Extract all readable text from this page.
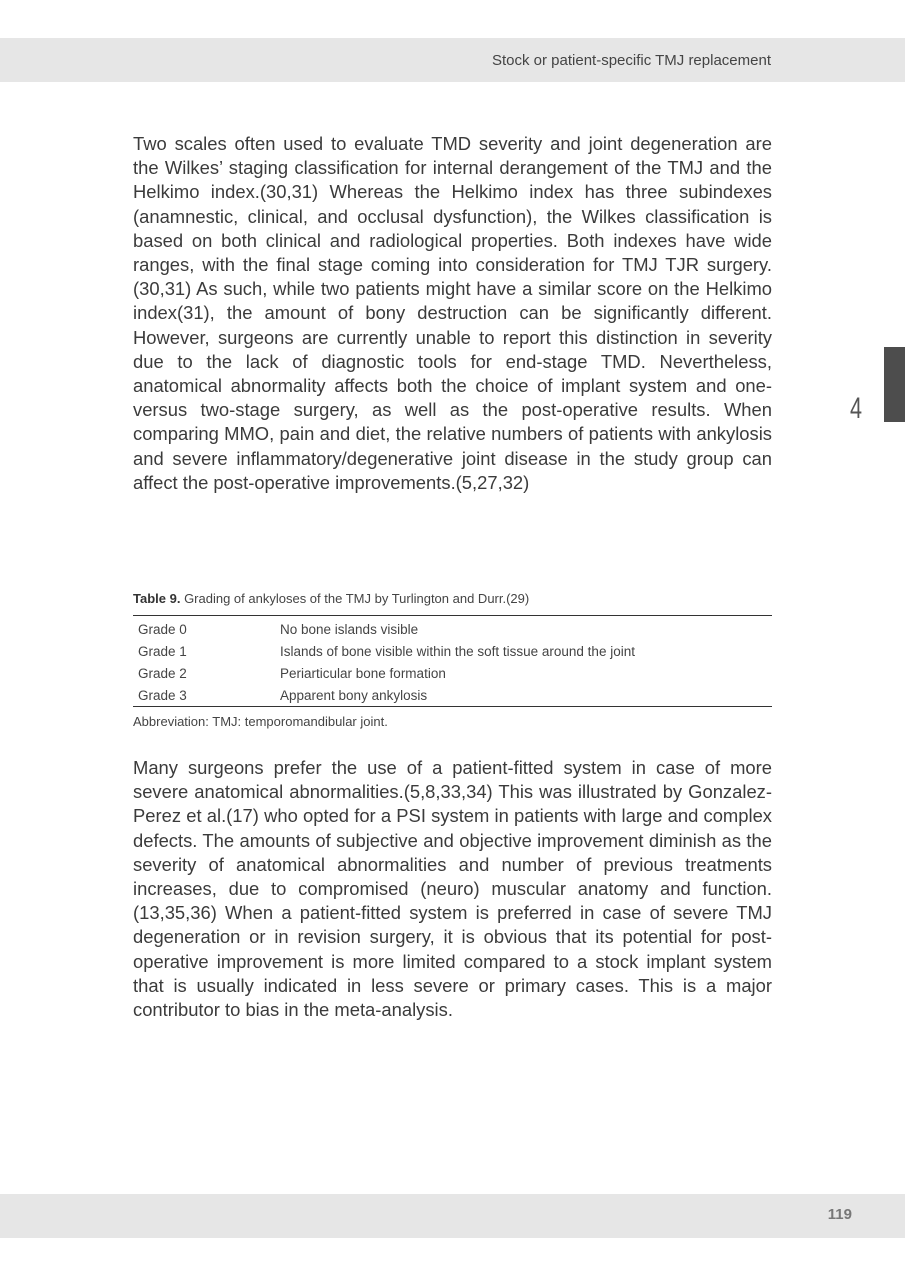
Stock or patient-specific TMJ replacement
4

Two scales often used to evaluate TMD severity and joint degeneration are the Wilkes’ staging classification for internal derangement of the TMJ and the Helkimo index.(30,31) Whereas the Helkimo index has three subindexes (anamnestic, clinical, and occlusal dysfunction), the Wilkes classification is based on both clinical and radiological properties. Both indexes have wide ranges, with the final stage coming into consideration for TMJ TJR surgery.(30,31) As such, while two patients might have a similar score on the Helkimo index(31), the amount of bony destruction can be significantly different. However, surgeons are currently unable to report this distinction in severity due to the lack of diagnostic tools for end-stage TMD. Nevertheless, anatomical abnormality affects both the choice of implant system and one- versus two-stage surgery, as well as the post-operative results. When comparing MMO, pain and diet, the relative numbers of patients with ankylosis and severe inflammatory/degenerative joint disease in the study group can affect the post-operative improvements.(5,27,32)

Table 9. Grading of ankyloses of the TMJ by Turlington and Durr.(29)

Grade 0	No bone islands visible
Grade 1	Islands of bone visible within the soft tissue around the joint
Grade 2	Periarticular bone formation
Grade 3	Apparent bony ankylosis

Abbreviation: TMJ: temporomandibular joint.

Many surgeons prefer the use of a patient-fitted system in case of more severe anatomical abnormalities.(5,8,33,34) This was illustrated by Gonzalez-Perez et al.(17) who opted for a PSI system in patients with large and complex defects. The amounts of subjective and objective improvement diminish as the severity of anatomical abnormalities and number of previous treatments increases, due to compromised (neuro) muscular anatomy and function.(13,35,36) When a patient-fitted system is preferred in case of severe TMJ degeneration or in revision surgery, it is obvious that its potential for post-operative improvement is more limited compared to a stock implant system that is usually indicated in less severe or primary cases. This is a major contributor to bias in the meta-analysis.

119
